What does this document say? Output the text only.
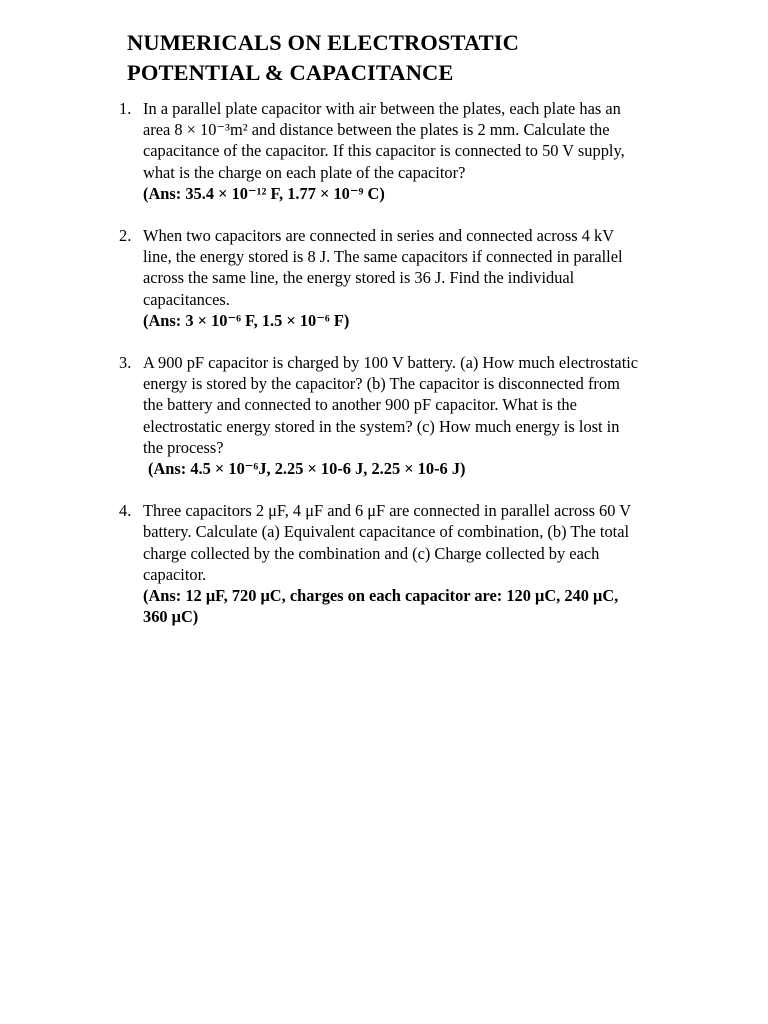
NUMERICALS ON ELECTROSTATIC
POTENTIAL & CAPACITANCE
1. In a parallel plate capacitor with air between the plates, each plate has an
area 8 × 10⁻³m² and distance between the plates is 2 mm. Calculate the
capacitance of the capacitor. If this capacitor is connected to 50 V supply,
what is the charge on each plate of the capacitor?
(Ans: 35.4 × 10⁻¹² F, 1.77 × 10⁻⁹ C)
2. When two capacitors are connected in series and connected across 4 kV
line, the energy stored is 8 J. The same capacitors if connected in parallel
across the same line, the energy stored is 36 J. Find the individual
capacitances.
(Ans: 3 × 10⁻⁶ F, 1.5 × 10⁻⁶ F)
3. A 900 pF capacitor is charged by 100 V battery. (a) How much electrostatic
energy is stored by the capacitor? (b) The capacitor is disconnected from
the battery and connected to another 900 pF capacitor. What is the
electrostatic energy stored in the system? (c) How much energy is lost in
the process?
(Ans: 4.5 × 10⁻⁶J, 2.25 × 10-6 J, 2.25 × 10-6 J)
4. Three capacitors 2 μF, 4 μF and 6 μF are connected in parallel across 60 V
battery. Calculate (a) Equivalent capacitance of combination, (b) The total
charge collected by the combination and (c) Charge collected by each
capacitor.
(Ans: 12 μF, 720 μC, charges on each capacitor are: 120 μC, 240 μC,
360 μC)
